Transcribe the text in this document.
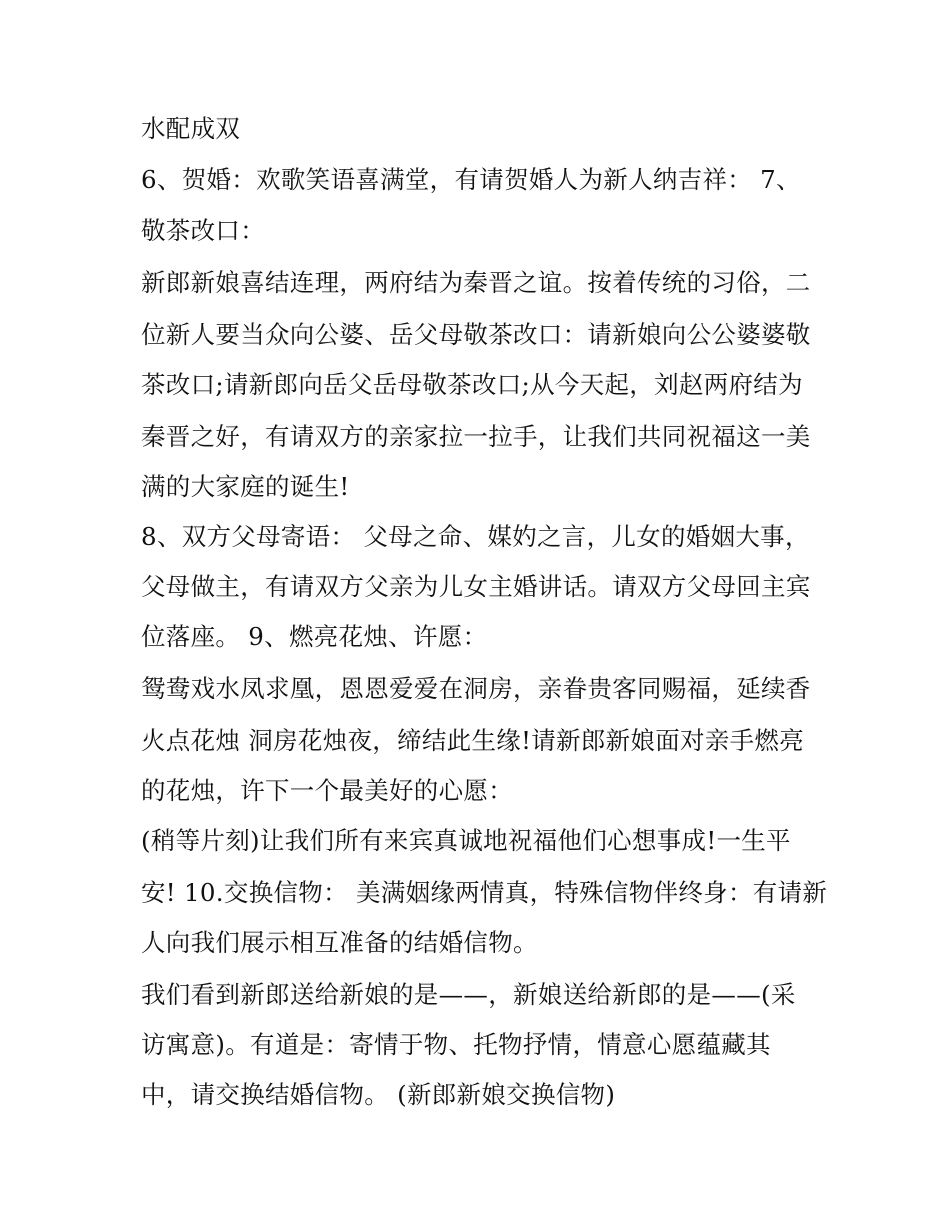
水配成双
6、贺婚：欢歌笑语喜满堂，有请贺婚人为新人纳吉祥： 7、
敬茶改口：
新郎新娘喜结连理，两府结为秦晋之谊。按着传统的习俗，二
位新人要当众向公婆、岳父母敬茶改口：请新娘向公公婆婆敬
茶改口;请新郎向岳父岳母敬茶改口;从今天起，刘赵两府结为
秦晋之好，有请双方的亲家拉一拉手，让我们共同祝福这一美
满的大家庭的诞生!
8、双方父母寄语： 父母之命、媒妁之言，儿女的婚姻大事，
父母做主，有请双方父亲为儿女主婚讲话。请双方父母回主宾
位落座。 9、燃亮花烛、许愿：
鸳鸯戏水凤求凰，恩恩爱爱在洞房，亲眷贵客同赐福，延续香
火点花烛 洞房花烛夜，缔结此生缘!请新郎新娘面对亲手燃亮
的花烛，许下一个最美好的心愿：
(稍等片刻)让我们所有来宾真诚地祝福他们心想事成!一生平
安! 10.交换信物： 美满姻缘两情真，特殊信物伴终身：有请新
人向我们展示相互准备的结婚信物。
我们看到新郎送给新娘的是——，新娘送给新郎的是——(采
访寓意)。有道是：寄情于物、托物抒情，情意心愿蕴藏其
中，请交换结婚信物。 (新郎新娘交换信物)
